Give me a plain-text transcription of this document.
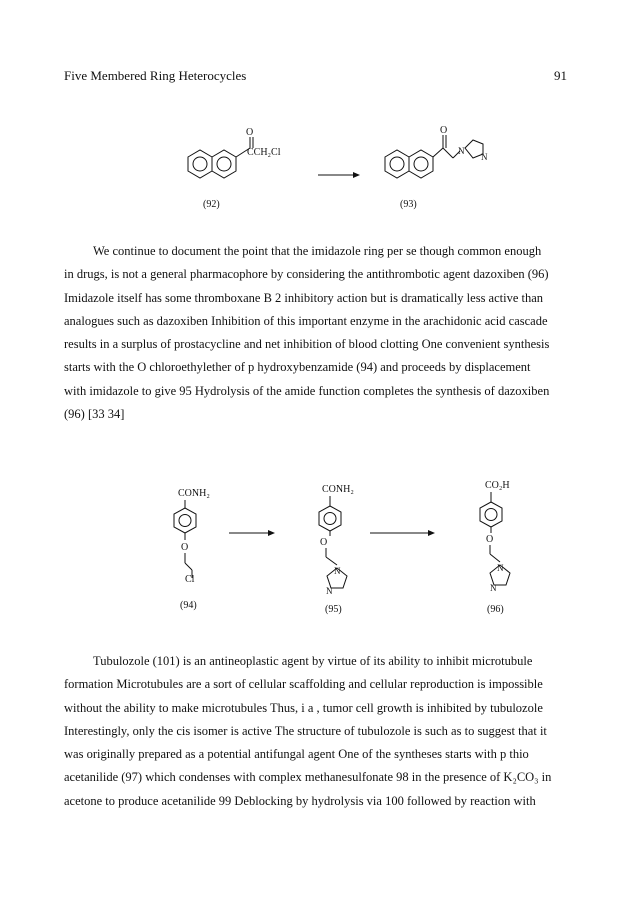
Five Membered Ring Heterocycles	91
O
CCH₂Cl
(92)
O
N
N
(93)

We continue to document the point that the imidazole ring per se though common enough
in drugs, is not a general pharmacophore by considering the antithrombotic agent dazoxiben (96)
Imidazole itself has some thromboxane B 2 inhibitory action but is dramatically less active than
analogues such as dazoxiben Inhibition of this important enzyme in the arachidonic acid cascade
results in a surplus of prostacycline and net inhibition of blood clotting One convenient synthesis
starts with the O chloroethylether of p hydroxybenzamide (94) and proceeds by displacement
with imidazole to give 95 Hydrolysis of the amide function completes the synthesis of dazoxiben
(96) [33 34]

CONH₂
O
Cl
(94)
CONH₂
O
N
N
(95)
CO₂H
O
N
N
(96)

Tubulozole (101) is an antineoplastic agent by virtue of its ability to inhibit microtubule
formation Microtubules are a sort of cellular scaffolding and cellular reproduction is impossible
without the ability to make microtubules Thus, i a , tumor cell growth is inhibited by tubulozole
Interestingly, only the cis isomer is active The structure of tubulozole is such as to suggest that it
was originally prepared as a potential antifungal agent One of the syntheses starts with p thio
acetanilide (97) which condenses with complex methanesulfonate 98 in the presence of K₂CO₃ in
acetone to produce acetanilide 99 Deblocking by hydrolysis via 100 followed by reaction with
